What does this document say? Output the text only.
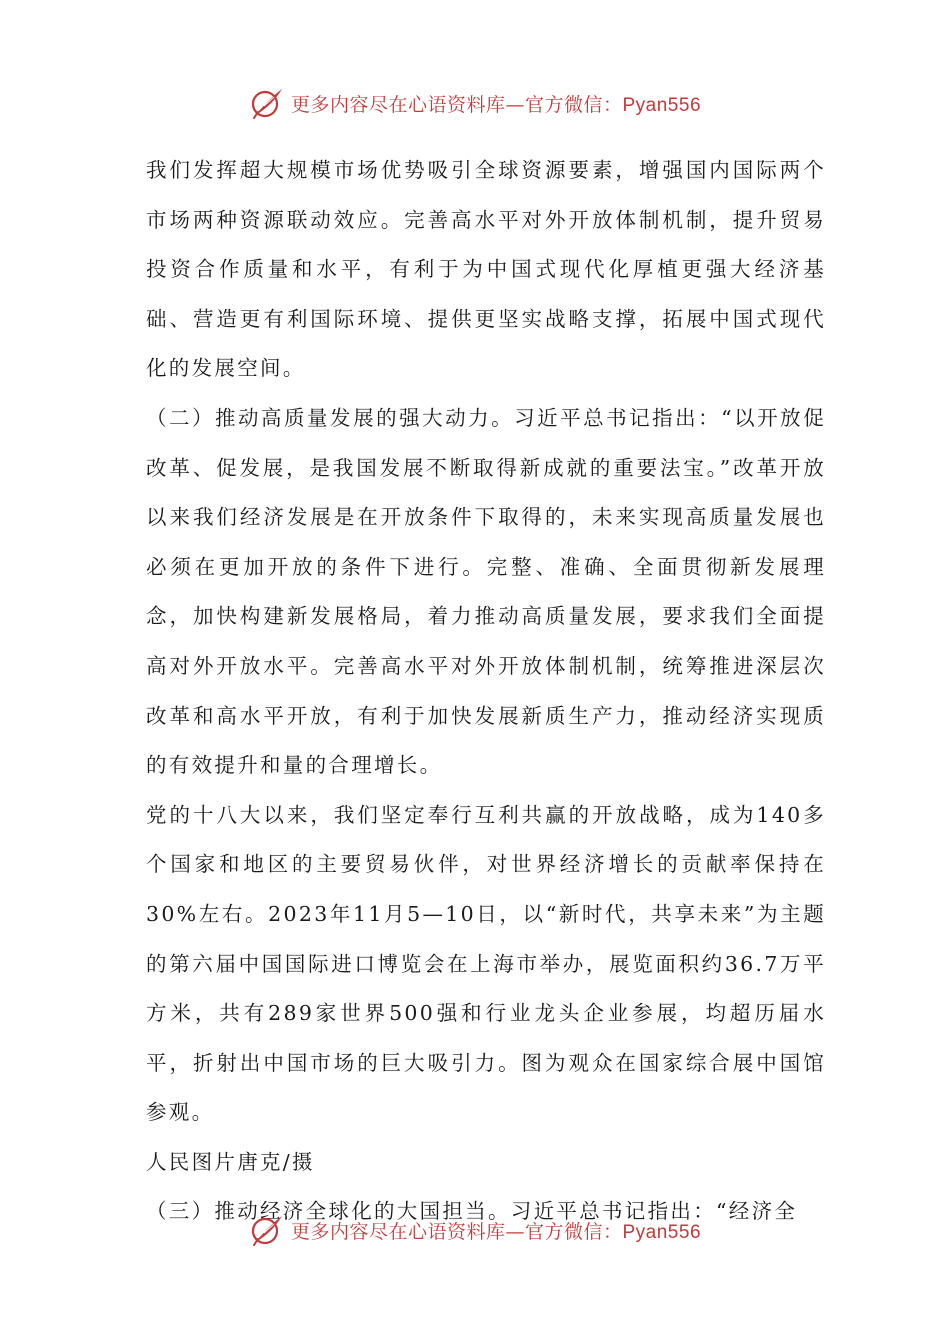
更多内容尽在心语资料库—官方微信：Pyan556

我们发挥超大规模市场优势吸引全球资源要素，增强国内国际两个市场两种资源联动效应。完善高水平对外开放体制机制，提升贸易投资合作质量和水平，有利于为中国式现代化厚植更强大经济基础、营造更有利国际环境、提供更坚实战略支撑，拓展中国式现代化的发展空间。

（二）推动高质量发展的强大动力。习近平总书记指出：“以开放促改革、促发展，是我国发展不断取得新成就的重要法宝。”改革开放以来我们经济发展是在开放条件下取得的，未来实现高质量发展也必须在更加开放的条件下进行。完整、准确、全面贯彻新发展理念，加快构建新发展格局，着力推动高质量发展，要求我们全面提高对外开放水平。完善高水平对外开放体制机制，统筹推进深层次改革和高水平开放，有利于加快发展新质生产力，推动经济实现质的有效提升和量的合理增长。

党的十八大以来，我们坚定奉行互利共赢的开放战略，成为140多个国家和地区的主要贸易伙伴，对世界经济增长的贡献率保持在30%左右。2023年11月5—10日，以“新时代，共享未来”为主题的第六届中国国际进口博览会在上海市举办，展览面积约36.7万平方米，共有289家世界500强和行业龙头企业参展，均超历届水平，折射出中国市场的巨大吸引力。图为观众在国家综合展中国馆参观。

人民图片唐克/摄

（三）推动经济全球化的大国担当。习近平总书记指出：“经济全

更多内容尽在心语资料库—官方微信：Pyan556
